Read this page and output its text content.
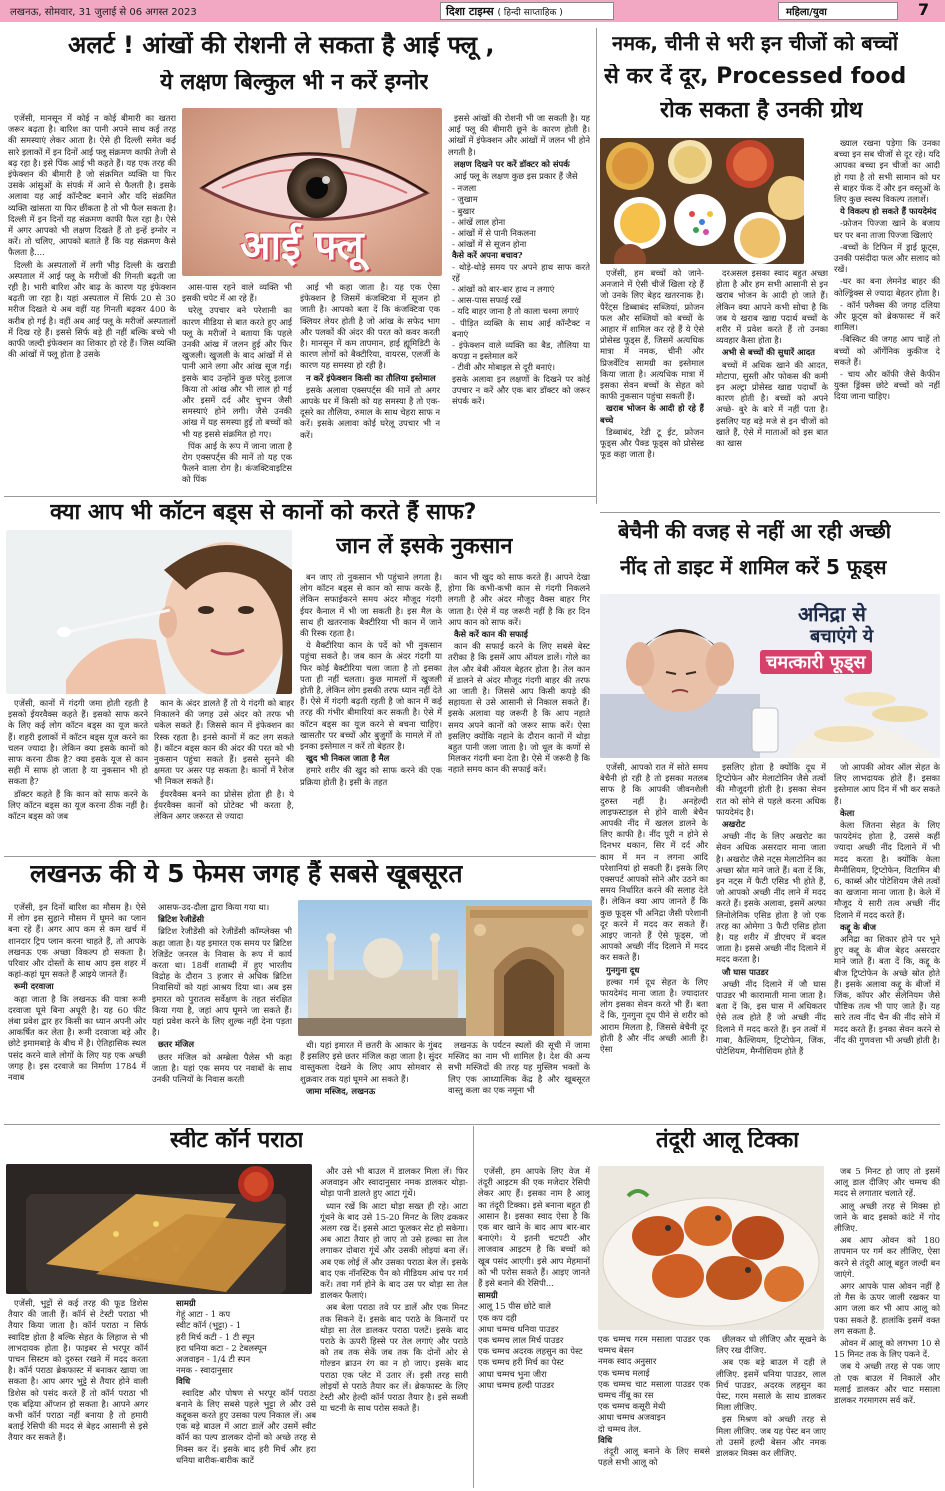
लखनऊ, सोमवार, 31 जुलाई से 06 अगस्त 2023	दिशा टाइम्स ( हिन्दी साप्ताहिक )	महिला/युवा	7
अलर्ट ! आंखों की रोशनी ले सकता है आई फ्लू ,
ये लक्षण बिल्कुल भी न करें इग्नोर
आई फ्लू

एजेंसी, मानसून में कोई न कोई बीमारी का खतरा जरूर बढ़ता है। बारिश का पानी अपने साथ कई तरह की समस्याएं लेकर आता है। ऐसे ही दिल्ली समेत कई सारे इलाकों में इन दिनों आई फ्लू संक्रमण काफी तेजी से बढ़ रहा है। इसे पिंक आई भी कहते हैं। यह एक तरह की इंफेक्शन की बीमारी है जो संक्रमित व्यक्ति या फिर उसके आंसुओं के संपर्क में आने से फैलती है। इसके अलावा यह आई कॉन्टैक्ट बनाने और यदि संक्रमित व्यक्ति खांसता या फिर छींकता है तो भी फैल सकता है। दिल्ली में इन दिनों यह संक्रमण काफी फैल रहा है। ऐसे में अगर आपको भी लक्षण दिखते हैं तो इन्हें इग्नोर न करें। तो चलिए, आपको बताते हैं कि यह संक्रमण कैसे फैलता है....

दिल्ली के अस्पतालों में लगी भीड़ दिल्ली के खराडी अस्पताल में आई फ्लू के मरीजों की गिनती बढ़ती जा रही है। भारी बारिश और बाढ़ के कारण यह इंफेक्शन बढ़ती जा रहा है। यहां अस्पताल में सिर्फ 20 से 30 मरीज दिखते थे अब वहीं यह गिनती बढ़कर 400 के करीब हो गई है। वहीं अब आई फ्लू के मरीजों अस्पतालों में दिख रहे हैं। इससे सिर्फ बड़े ही नहीं बल्कि बच्चे भी काफी जल्दी इंफेक्शन का शिकार हो रहे हैं। जिस व्यक्ति की आंखों में फ्लू होता है उसके

आस-पास रहने वाले व्यक्ति भी इसकी चपेट में आ रहे हैं।

घरेलू उपचार बने परेशानी का कारण मीडिया से बात करते हुए आई फ्लू के मरीजों ने बताया कि पहले उनकी आंख में जलन हुई और फिर खुजली। खुजली के बाद आंखों में से पानी आने लगा और आंख सूज गई। इसके बाद उन्होंने कुछ घरेलू इलाज किया तो आंख और भी लाल हो गई और इसमें दर्द और चुभन जैसी समस्याएं होने लगी। जैसे उनकी आंख में यह समस्या हुई तो बच्चों को भी यह इससे संक्रमित हो गए।

पिंक आई के रूप में जाना जाता है रोग एक्सपर्ट्स की मानें तो यह एक फैलने वाला रोग है। कंजक्टिवाइटिस को पिंक

आई भी कहा जाता है। यह एक ऐसा इंफेक्शन है जिसमें कंजक्टिवा में सूजन हो जाती है। आपको बता दें कि कंजक्टिवा एक क्लियर लेयर होती है जो आंख के सफेद भाग और पलकों की अंदर की परत को कवर करती है। मानसून में कम तापमान, हाई ह्यूमिडिटी के कारण लोगों को बैक्टीरिया, वायरस, एलर्जी के कारण यह समस्या हो रही है।

न करें इंफेक्शन किसी का तौलिया इस्तेमाल

इसके अलावा एक्सपर्ट्स की मानें तो अगर आपके घर में किसी को यह समस्या है तो एक-दूसरे का तौलिया, रुमाल के साथ चेहरा साफ न करें। इसके अलावा कोई घरेलू उपचार भी न करें।

इससे आंखों की रोशनी भी जा सकती है। यह आई फ्लू की बीमारी छूने के कारण होती है। आंखों में इंफेक्शन और आंखों में जलन भी होने लगती है।

लक्षण दिखने पर करें डॉक्टर को संपर्क

आई फ्लू के लक्षण कुछ इस प्रकार हैं जैसे

- नजला
- जुखाम
- बुखार
- आंखें लाल होना
- आंखों में से पानी निकलना
- आंखों में से सूजन होना
कैसे करें अपना बचाव?
- थोड़े-थोड़े समय पर अपने हाथ साफ करते रहें
- आंखों को बार-बार हाथ न लगाएं
- आस-पास सफाई रखें
- यदि बाहर जाना है तो काला चश्मा लगाएं
- पीड़ित व्यक्ति के साथ आई कॉन्टैक्ट न बनाएं
- इंफेक्शन वाले व्यक्ति का बैड, तौलिया या कपड़ा न इस्तेमाल करें
- टीवी और मोबाइल से दूरी बनाएं।
इसके अलावा इन लक्षणों के दिखने पर कोई उपचार न करें और एक बार डॉक्टर को जरूर संपर्क करें।
नमक, चीनी से भरी इन चीजों को बच्चों
से कर दें दूर, Processed food
रोक सकता है उनकी ग्रोथ

एजेंसी, हम बच्चों को जाने- अनजाने में ऐसी चीजें खिला रहे हैं जो उनके लिए बेहद खतरनाक है। पैरेंट्स डिब्बाबंद सब्जियां, फ्रोजन फल और सब्जियों को बच्चों के आहार में शामिल कर रहे हैं ये ऐसे प्रोसेस्ड फूड्स हैं, जिसमें अत्यधिक मात्रा में नमक, चीनी और प्रिजर्वेटिव सामग्री का इस्तेमाल किया जाता है। अत्यधिक मात्रा में इसका सेवन बच्चों के सेहत को काफी नुकसान पहुंचा सकती हैं।

खराब भोजन के आदी हो रहे हैं बच्चे

डिब्बाबंद, रेडी टू ईट, फ्रोजन फूड्स और पैक्ड फूड्स को प्रोसेस्ड फूड कहा जाता है।

दरअसल इसका स्वाद बहुत अच्छा होता है और हम सभी आसानी से इन खराब भोजन के आदी हो जाते हैं। लेकिन क्या आपने कभी सोचा है कि जब ये खराब खाद्य पदार्थ बच्चों के शरीर में प्रवेश करते हैं तो उनका व्यवहार कैसा होता है।

अभी से बच्चों की सुधारें आदत

बच्चों में अधिक खाने की आदत, मोटापा, सुस्ती और फोकस की कमी इन अल्ट्रा प्रोसेस्ड खाद्य पदार्थों के कारण होती है। बच्चों को अपने अच्छे- बुरे के बारे में नहीं पता है। इसलिए यह बड़े मजे से इन चीजों को खाते हैं, ऐसे में माताओं को इस बात का खास

ख्याल रखना पड़ेगा कि उनका बच्चा इन सब चीजों से दूर रहे। यदि आपका बच्चा इन चीजों का आदी हो गया है तो सभी सामान को घर से बाहर फेंक दें और इन वस्तुओं के लिए कुछ स्वस्थ विकल्प तलाशें।

ये विकल्प हो सकते हैं फायदेमंद

-फ्रोजन पिज्जा खाने के बजाय घर पर बना ताजा पिज्जा खिलाएं

-बच्चों के टिफिन में ड्राई फ्रूट्स, उनकी पसंदीदा फल और सलाद को रखें।

-घर का बना लेमनेड बाहर की कोल्ड्रिंक्स से ज्यादा बेहतर होता है।

- कॉर्न फ्लैक्स की जगह दलिया और फ्रूट्स को ब्रेकफास्ट में करें शामिल।

-बिस्किट की जगह आप चाहें तो बच्चों को ऑर्गेनिक कुकीज दे सकते हैं।

- चाय और कॉफी जैसे कैफीन युक्त ड्रिंक्स छोटे बच्चों को नहीं दिया जाना चाहिए।

क्या आप भी कॉटन बड्स से कानों को करते हैं साफ?
जान लें इसके नुकसान

एजेंसी, कानों में गंदगी जमा होती रहती है इसको ईयरवैक्स कहते हैं। इसको साफ करने के लिए कई लोग कॉटन बड्स का यूज करते हैं। शहरी इलाकों में कॉटन बड्स यूज करने का चलन ज्यादा है। लेकिन क्या इसके कानों को साफ करना ठीक है? क्या इसके यूज से कान सही में साफ हो जाता है या नुकसान भी हो सकता है?

डॉक्टर कहते हैं कि कान को साफ करने के लिए कॉटन बड्स का यूज करना ठीक नहीं है। कॉटन बड्स को जब

कान के अंदर डालते हैं तो ये गंदगी को बाहर निकालने की जगह उसे अंदर को तरफ भी धकेल सकते हैं। जिससे कान में इंफेक्शन का रिस्क रहता है। इनसे कानों में कट लग सकते हैं। कॉटन बड्स कान की अंदर की परत को भी नुकसान पहुंचा सकते हैं। इससे सुनने की क्षमता पर असर पड़ सकता है। कानों में रैशेज भी निकल सकते हैं।

ईयरवैक्स बनने का प्रोसेस होता ही है। ये ईयरवैक्स कानों को प्रोटेक्ट भी करता है, लेकिन अगर जरूरत से ज्यादा

बन जाए तो नुकसान भी पहुंचाने लगता है। लोग कॉटन बड्स से कान को साफ करके हैं, लेकिन सफाईकरने समय अंदर मौजूद गंदगी ईयर कैनाल में भी जा सकती है। इस मैल के साथ ही खतरनाक बैक्टीरिया भी कान में जाने की रिस्क रहता है।

ये बैक्टीरिया कान के पर्दे को भी नुकसान पहुंचा सकते है। जब कान के अंदर गंदगी या फिर कोई बैक्टीरिया चला जाता है तो इसका पता ही नहीं चलता। कुछ मामलों में खुजली होती है, लेकिन लोग इसकी तरफ ध्यान नहीं देते हैं। ऐसे में गंदगी बढ़ती रहती है जो कान में कई तरह की गंभीर बीमारियां कर सकती है। ऐसे में कॉटन बड्स का यूज करने से बचना चाहिए। खासतौर पर बच्चों और बुजुर्गों के मामले में तो इनका इस्तेमाल न करें तो बेहतर है।

खुद भी निकल जाता है मैल

हमारे शरीर की खुद को साफ करने की एक प्रक्रिया होती है। इसी के तहत

कान भी खुद को साफ करते हैं। आपने देखा होगा कि कभी-कभी कान से गंदगी निकलने लगती है और अंदर मौजूद वैक्स बाहर गिर जाता है। ऐसे में यह जरूरी नहीं है कि हर दिन आप कान को साफ करें।

कैसे करें कान की सफाई

कान की सफाई करने के लिए सबसे बेस्ट तरीका है कि इसमें आप ऑयल डालें। गोले का तेल और बेबी ऑयल बेहतर होता है। तेल कान में डालने से अंदर मौजूद गंदगी बाहर की तरफ आ जाती है। जिससे आप किसी कपड़े की सहायता से उसे आसानी से निकाल सकते हैं। इसके अलावा यह जरूरी है कि आप नहाते समय अपने कानों को जरूर साफ करें। ऐसा इसलिए क्योंकि नहाने के दौरान कानों में थोड़ा बहुत पानी जला जाता है। जो धूल के कणों से मिलकर गंदगी बना देता है। ऐसे में जरूरी है कि नहाते समय कान की सफाई करें।

बेचैनी की वजह से नहीं आ रही अच्छी
नींद तो डाइट में शामिल करें 5 फूड्स
अनिद्रा से
बचाएंगे ये
चमत्कारी फूड्स

एजेंसी, आपको रात में सोते समय बेचैनी हो रही है तो इसका मतलब साफ है कि आपकी जीवनशैली दुरुस्त नहीं है। अनहेल्दी लाइफस्टाइल से होने वाली बेचैन आपकी नींद में खलल डालने के लिए काफी है। नींद पूरी न होने से दिनभर थकान, सिर में दर्द और काम में मन न लगना आदि परेशानियां हो सकती हैं। इसके लिए एक्सपर्ट आपको सोने और उठने का समय निर्धारित करने की सलाह देते हैं। लेकिन क्या आप जानते हैं कि कुछ फूड्स भी अनिद्रा जैसी परेशानी दूर करने में मदद कर सकते हैं। आइए जानते हैं ऐसे फूड्स, जो आपको अच्छी नींद दिलाने में मदद कर सकते हैं।

गुनगुना दूध

हल्का गर्म दूध सेहत के लिए फायदेमंद माना जाता है। ज्यादातर लोग इसका सेवन करते भी हैं। बता दें कि, गुनगुना दूध पीने से शरीर को आराम मिलता है, जिससे बेचैनी दूर होती है और नींद अच्छी आती है। ऐसा

इसलिए होता है क्योंकि दूध में ट्रिप्टोफेन और मेलाटोनिन जैसे तत्वों की मौजूदगी होती है। इसका सेवन रात को सोने से पहले करना अधिक फायदेमंद है।

अखरोट

अच्छी नींद के लिए अखरोट का सेवन अधिक असरदार माना जाता है। अखरोट जैसे नट्स मेलाटोनिन का अच्छा स्रोत माने जाते हैं। बता दें कि, इन नट्स में फैटी एसिड भी होते हैं, जो आपको अच्छी नींद लाने में मदद करते हैं। इसके अलावा, इसमें अल्फा लिनोलेनिक एसिड होता है जो एक तरह का ओमेगा 3 फैटी एसिड होता है। यह शरीर में डीएचए में बदल जाता है। इससे अच्छी नींद दिलाने में मदद करता है।

जौ घास पाउडर

अच्छी नींद दिलाने में जौ घास पाउडर भी कारामाती माना जाता है। बता दें कि, इस घास में अधिकतर ऐसे तत्व होते हैं जो अच्छी नींद दिलाने में मदद करते हैं। इन तत्वों में गाबा, कैल्शियम, ट्रिप्टोफेन, जिंक, पोटेशियम, मैग्नीशियम होते हैं

जो आपकी ओवर ऑल सेहत के लिए लाभदायक होते हैं। इसका इस्तेमाल आप दिन में भी कर सकते हैं।

केला

केला जितना सेहत के लिए फायदेमंद होता है, उससे कहीं ज्यादा अच्छी नींद दिलाने में भी मदद करता है। क्योंकि केला मैग्नीशियम, ट्रिप्टोफेन, विटामिन बी 6, कार्ब्स और पोटेशियम जैसे तत्वों का खजाना माना जाता है। केले में मौजूद ये सारी तत्व अच्छी नींद दिलाने में मदद करते हैं।

कद्दू के बीज

अनिद्रा का शिकार होने पर भूने हुए कद्दू के बीज बेहद असरदार माने जाते हैं। बता दें कि, कद्दू के बीज ट्रिप्टोफेन के अच्छे स्रोत होते हैं। इसके अलावा कद्दू के बीजों में जिंक, कॉपर और सेलेनियम जैसे पौष्टिक तत्व भी पाए जाते हैं। यह सारे तत्व नींद चैन की नींद सोने में मदद करते हैं। इनका सेवन करने से नींद की गुणवत्ता भी अच्छी होती है।

लखनऊ की ये 5 फेमस जगह हैं सबसे खूबसूरत

एजेंसी, इन दिनों बारिश का मौसम है। ऐसे में लोग इस सुहाने मौसम में घूमने का प्लान बना रहे हैं। अगर आप कम से कम खर्च में शानदार ट्रिप प्लान करना चाहते हैं, तो आपके लखनऊ एक अच्छा विकल्प हो सकता है। परिवार और दोस्तों के साथ आप इस शहर में कहां-कहां घूम सकते हैं आइये जानते हैं।

रूमी दरवाजा

कहा जाता है कि लखनऊ की यात्रा रूमी दरवाजा घूमे बिना अधूरी है। यह 60 फीट लंबा प्रवेश द्वार हर किसी का ध्यान अपनी ओर आकर्षित कर लेता है। रूमी दरवाजा बड़े और छोटे इमामबाड़े के बीच में है। ऐतिहासिक स्थल पसंद करने वाले लोगों के लिए यह एक अच्छी जगह है। इस दरवाजे का निर्माण 1784 में नवाब

आसफ-उद-दौला द्वारा किया गया था।

ब्रिटिश रेजीडेंसी

ब्रिटिश रेजीडेंसी को रेजीडेंसी कॉम्प्लेक्स भी कहा जाता है। यह इमारत एक समय पर ब्रिटिश रेजिडेंट जनरल के निवास के रूप में कार्य करता था। 18वीं शताब्दी में हुए भारतीय विद्रोह के दौरान 3 हजार से अधिक ब्रिटिश निवासियों को यहां आश्रय दिया था। अब इस इमारत को पुरातत्व सर्वेक्षण के तहत संरक्षित किया गया है, जहां आप घूमने जा सकते हैं। यहां प्रवेश करने के लिए शुल्क नहीं देना पड़ता है।

छतर मंजिल

छतर मंजिल को अम्ब्रेला पैलेस भी कहा जाता है। यहां एक समय पर नवाबों के साथ उनकी पत्नियों के निवास करती

थी। यहां इमारत में छतरी के आकार के गुंबद हैं इसलिए इसे छतर मंजिल कहा जाता है। सुंदर वास्तुकला देखने के लिए आप सोमवार से शुक्रवार तक यहां घूमने आ सकते हैं।

जामा मस्जिद, लखनऊ

लखनऊ के पर्यटन स्थलों की सूची में जामा मस्जिद का नाम भी शामिल है। देश की अन्य सभी मस्जिदों की तरह यह मुस्लिम भक्तों के लिए एक आध्यात्मिक केंद्र है और खूबसूरत वास्तु कला का एक नमूना भी

स्वीट कॉर्न पराठा

एजेंसी, भुट्टों से कई तरह की फूड डिशेस तैयार की जाती हैं। कॉर्न से टेस्टी पराठा भी तैयार किया जाता है। कॉर्न पराठा न सिर्फ स्वादिष्ट होता है बल्कि सेहत के लिहाज से भी लाभदायक होता है। फाइबर से भरपूर कॉर्न पाचन सिस्टम को दुरुस्त रखने में मदद करता है। कॉर्न पराठा ब्रेकफास्ट में बनाकर खाया जा सकता है। आप अगर भुट्टे से तैयार होने वाली डिशेस को पसंद करते हैं तो कॉर्न पराठा भी एक बढ़िया ऑप्शन हो सकता है। आपने अगर कभी कॉर्न पराठा नहीं बनाया है तो हमारी बताई रेसिपी की मदद से बेहद आसानी से इसे तैयार कर सकते हैं।

सामग्री
गेहूं आटा - 1 कप
स्वीट कॉर्न (भुट्टा) - 1
हरी मिर्च कटी - 1 टी स्पून
हरा धनिया कटा - 2 टेबलस्पून
अजवाइन - 1/4 टी स्पन
नमक - स्वादानुसार
विधि

स्वादिष्ट और पोषण से भरपूर कॉर्न पराठा बनाने के लिए सबसे पहले भुट्टा ले और उसे कद्दूकस करते हुए उसका पल्प निकाल लें। अब एक बड़े बाउल में आटा डालें और उसमें स्वीट कॉर्न का पल्प डालकर दोनों को अच्छे तरह से मिक्स कर दें। इसके बाद हरी मिर्च और हरा धनिया बारीक-बारीक काटें

और उसे भी बाउल में डालकर मिला लें। फिर अजवाइन और स्वादानुसार नमक डालकर थोड़ा-थोड़ा पानी डालते हुए आटा गूंथें।

ध्यान रखें कि आटा थोड़ा सख्त ही रहे। आटा गूंथने के बाद उसे 15-20 मिनट के लिए ढककर अलग रख दें। इससे आटा फूलकर सेट हो सकेगा। अब आटा तैयार हो जाए तो उसे हल्का सा तेल लगाकर दोबारा गूंथें और उसकी लोइयां बना लें। अब एक लोई लें और उसका पराठा बेल लें। इसके बाद एक नॉनस्टिक पैन को मीडियम आंच पर गर्म करें। तवा गर्म होने के बाद उस पर थोड़ा सा तेल डालकर फैलाएं।

अब बेला पराठा तवे पर डालें और एक मिनट तक सिकने दें। इसके बाद पराठे के किनारों पर थोड़ा सा तेल डालकर पराठा पलटें। इसके बाद पराठे के ऊपरी हिस्से पर तेल लगाएं और पराठे को तब तक सेकें जब तक कि दोनों ओर से गोल्डन ब्राउन रंग का न हो जाए। इसके बाद पराठा एक प्लेट में उतार लें। इसी तरह सारी लोइयों से पराठे तैयार कर लें। ब्रेकफास्ट के लिए टेस्टी और हेल्दी कॉर्न पराठा तैयार है। इसे सब्जी या चटनी के साथ परोस सकते हैं।

तंदूरी आलू टिक्का

एजेंसी, हम आपके लिए वेज में तंदूरी आइटम की एक मजेदार रेसिपी लेकर आए हैं। इसका नाम है आलू का तंदूरी टिक्का। इसे बनाना बहुत ही आसान है। इसका स्वाद ऐसा है कि एक बार खाने के बाद आप बार-बार बनाएंगे। ये इतनी चटपटी और लाजवाब आइटम है कि बच्चों को खूब पसंद आएगी। इसे आप मेहमानों को भी परोस सकते हैं। आइए जानते हैं इसे बनाने की रेसिपी...

सामग्री
आलू 15 पीस छोटे वाले
एक कप दही
आधा चम्मच धनिया पाउडर
एक चम्मच लाल मिर्च पाउडर
एक चम्मच अदरक लहसुन का पेस्ट
एक चम्मच हरी मिर्च का पेस्ट
आधा चम्मच भुना जीरा
आधा चम्मच हल्दी पाउडर
एक चम्मच गरम मसाला पाउडर एक चम्मच बेसन
नमक स्वाद अनुसार
एक चम्मच मलाई
एक चम्मच चाट मसाला पाउडर एक चम्मच नींबू का रस
एक चम्मच कसूरी मेथी
आधा चम्मच अजवाइन
दो चम्मच तेल.
विधि

तंदूरी आलू बनाने के लिए सबसे पहले सभी आलू को

छीलकर धो लीजिए और सूखने के लिए रख दीजिए.

अब एक बड़े बाउल में दही ले लीजिए. इसमें धनिया पाउडर, लाल मिर्च पाउडर, अदरक लहसुन का पेस्ट, गरम मसाले के साथ डालकर मिला लीजिए.

इस मिश्रण को अच्छी तरह से मिला लीजिए. जब यह पेस्ट बन जाए तो उसमें हल्दी बेसन और नमक डालकर मिक्स कर लीजिए.

जब 5 मिनट हो जाए तो इसमें आलू डाल दीजिए और चम्मच की मदद से लगातार चलाते रहें.

आलू अच्छी तरह से मिक्स हो जाने के बाद इसको कांटे में गोद लीजिए.

अब आप ओवन को 180 तापमान पर गर्म कर लीजिए, ऐसा करने से तंदूरी आलू बहुत जल्दी बन जाएंगे.

अगर आपके पास ओवन नहीं है तो गैस के ऊपर जाली रखकर या आग जला कर भी आप आलू को पका सकते हैं. हालांकि इसमें वक्त लग सकता है.

ओवन में आलू को लगभग 10 से 15 मिनट तक के लिए पकने दें.

जब ये अच्छी तरह से पक जाए तो एक बाउल में निकालें और मलाई डालकर और चाट मसाला डालकर गरमागरम सर्व करें.
